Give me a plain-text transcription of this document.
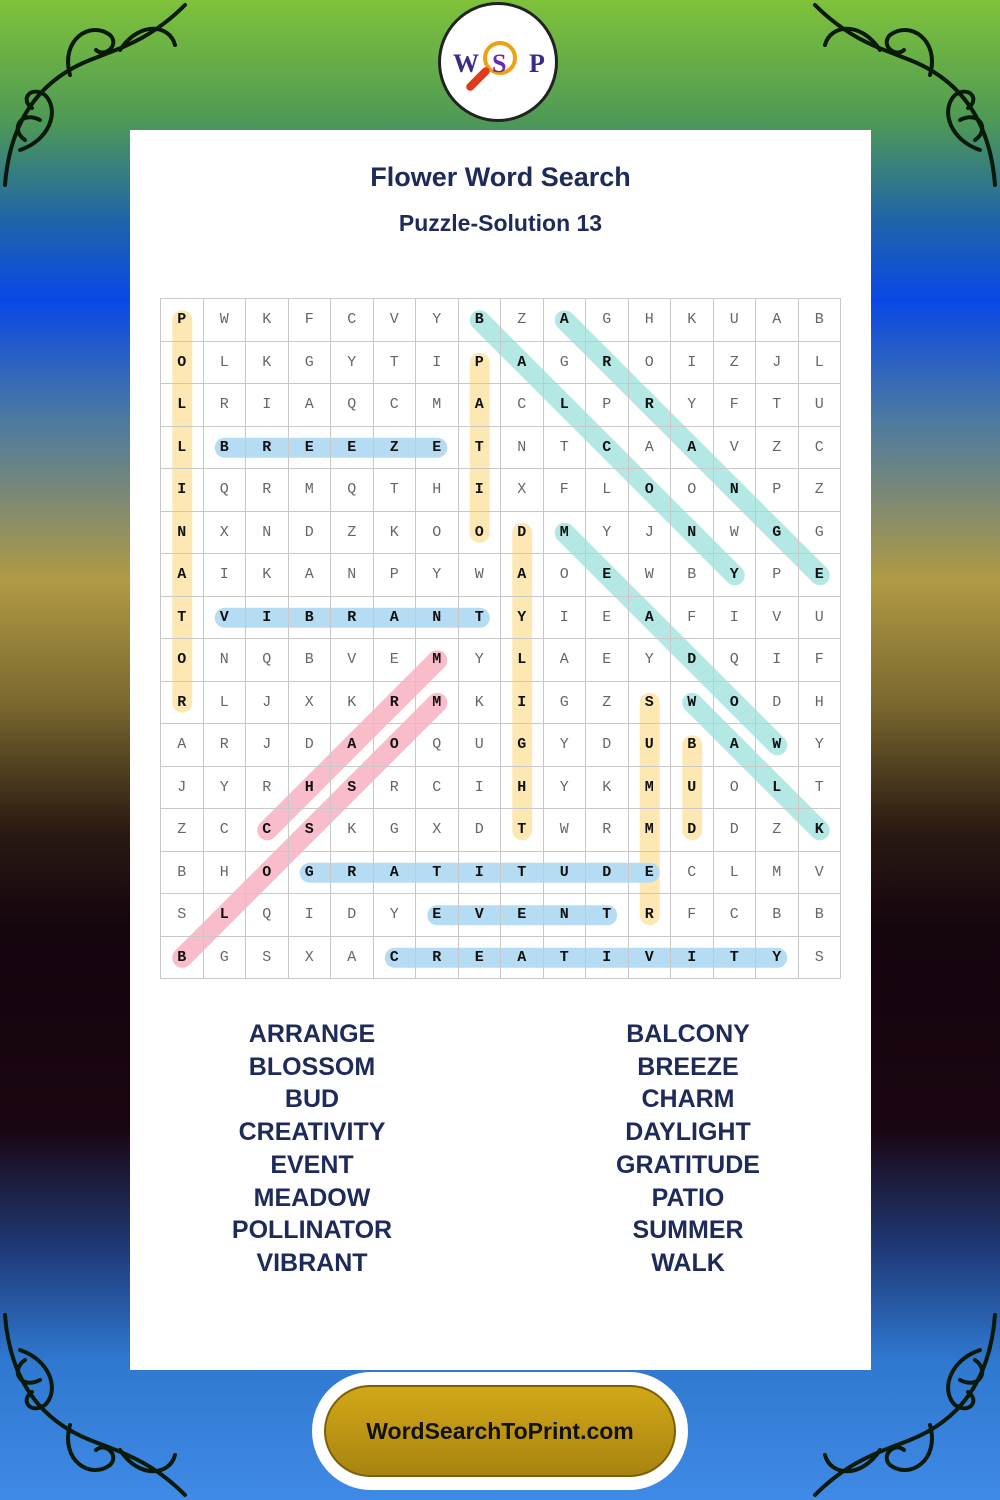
W S P
Flower Word Search
Puzzle-Solution 13
P	W	K	F	C	V	Y	B	Z	A	G	H	K	U	A	B
O	L	K	G	Y	T	I	P	A	G	R	O	I	Z	J	L
L	R	I	A	Q	C	M	A	C	L	P	R	Y	F	T	U
L	B	R	E	E	Z	E	T	N	T	C	A	A	V	Z	C
I	Q	R	M	Q	T	H	I	X	F	L	O	O	N	P	Z
N	X	N	D	Z	K	O	O	D	M	Y	J	N	W	G	G
A	I	K	A	N	P	Y	W	A	O	E	W	B	Y	P	E
T	V	I	B	R	A	N	T	Y	I	E	A	F	I	V	U
O	N	Q	B	V	E	M	Y	L	A	E	Y	D	Q	I	F
R	L	J	X	K	R	M	K	I	G	Z	S	W	O	D	H
A	R	J	D	A	O	Q	U	G	Y	D	U	B	A	W	Y
J	Y	R	H	S	R	C	I	H	Y	K	M	U	O	L	T
Z	C	C	S	K	G	X	D	T	W	R	M	D	D	Z	K
B	H	O	G	R	A	T	I	T	U	D	E	C	L	M	V
S	L	Q	I	D	Y	E	V	E	N	T	R	F	C	B	B
B	G	S	X	A	C	R	E	A	T	I	V	I	T	Y	S
ARRANGE
BLOSSOM
BUD
CREATIVITY
EVENT
MEADOW
POLLINATOR
VIBRANT
BALCONY
BREEZE
CHARM
DAYLIGHT
GRATITUDE
PATIO
SUMMER
WALK
WordSearchToPrint.com
